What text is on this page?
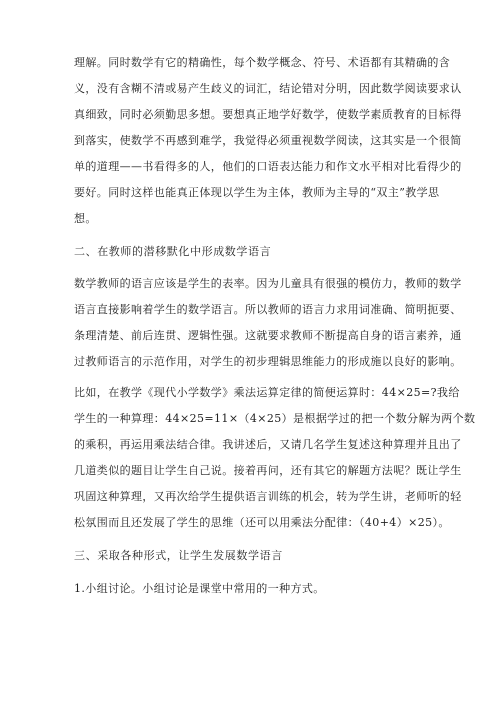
理解。同时数学有它的精确性，每个数学概念、符号、术语都有其精确的含
义，没有含糊不清或易产生歧义的词汇，结论错对分明，因此数学阅读要求认
真细致，同时必须勤思多想。要想真正地学好数学，使数学素质教育的目标得
到落实，使数学不再感到难学，我觉得必须重视数学阅读，这其实是一个很简
单的道理——书看得多的人，他们的口语表达能力和作文水平相对比看得少的
要好。同时这样也能真正体现以学生为主体，教师为主导的“双主”教学思
想。
二、在教师的潜移默化中形成数学语言
数学教师的语言应该是学生的表率。因为儿童具有很强的模仿力，教师的数学
语言直接影响着学生的数学语言。所以教师的语言力求用词准确、简明扼要、
条理清楚、前后连贯、逻辑性强。这就要求教师不断提高自身的语言素养，通
过教师语言的示范作用，对学生的初步理辑思维能力的形成施以良好的影响。
比如，在教学《现代小学数学》乘法运算定律的简便运算时：44×25=?我给
学生的一种算理：44×25=11×（4×25）是根据学过的把一个数分解为两个数
的乘积，再运用乘法结合律。我讲述后，又请几名学生复述这种算理并且出了
几道类似的题目让学生自己说。接着再问，还有其它的解题方法呢？既让学生
巩固这种算理，又再次给学生提供语言训练的机会，转为学生讲，老师听的轻
松氛围而且还发展了学生的思维（还可以用乘法分配律：（40+4）×25）。
三、采取各种形式，让学生发展数学语言
1.小组讨论。小组讨论是课堂中常用的一种方式。
